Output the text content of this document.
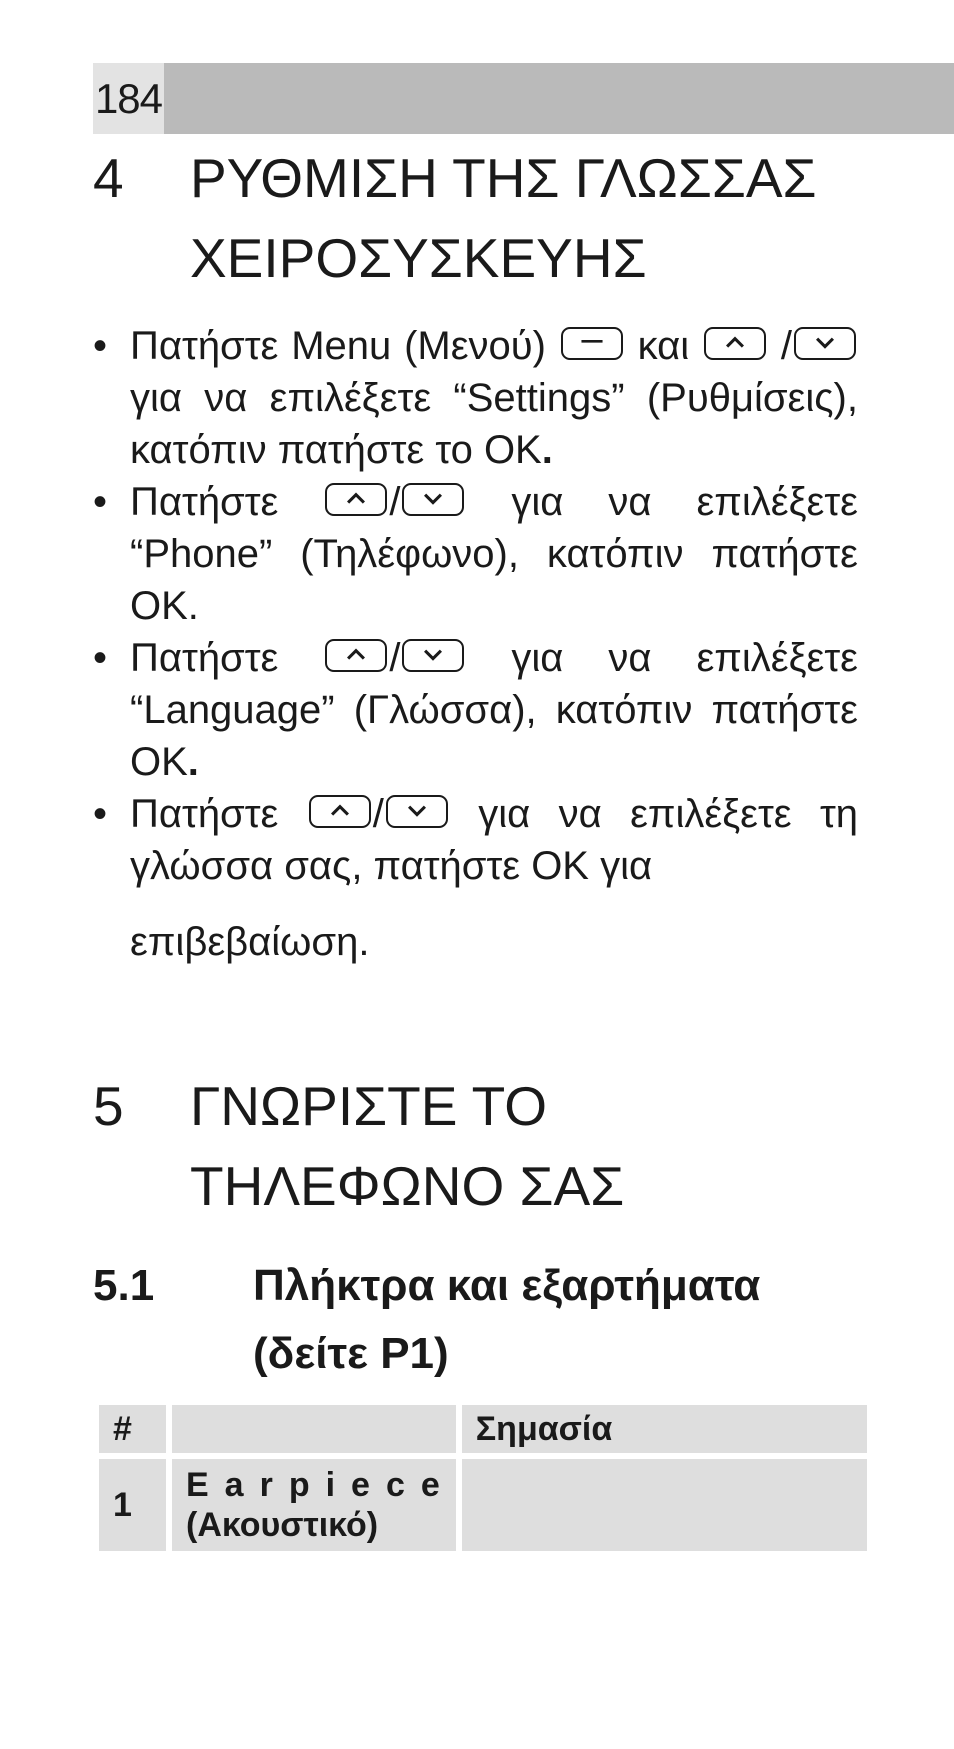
184
4 ΡΥΘΜΙΣΗ ΤΗΣ ΓΛΩΣΣΑΣ
ΧΕΙΡΟΣΥΣΚΕΥΗΣ
• Πατήστε Menu (Μενού) και /
για να επιλέξετε “Settings” (Ρυθμίσεις), κατόπιν πατήστε το OK.
• Πατήστε	/	για να επιλέξετε “Phone” (Τηλέφωνο), κατόπιν πατήστε OK.
• Πατήστε	/	για να επιλέξετε “Language” (Γλώσσα), κατόπιν πατήστε OK.
• Πατήστε / για να επιλέξετε τη γλώσσα σας, πατήστε OK για
επιβεβαίωση.
5 ΓΝΩΡΙΣΤΕ ΤΟ
ΤΗΛΕΦΩΝΟ ΣΑΣ
5.1 Πλήκτρα και εξαρτήματα
(δείτε P1)
#		Σημασία
1	Earpiece
(Ακουστικό)	
